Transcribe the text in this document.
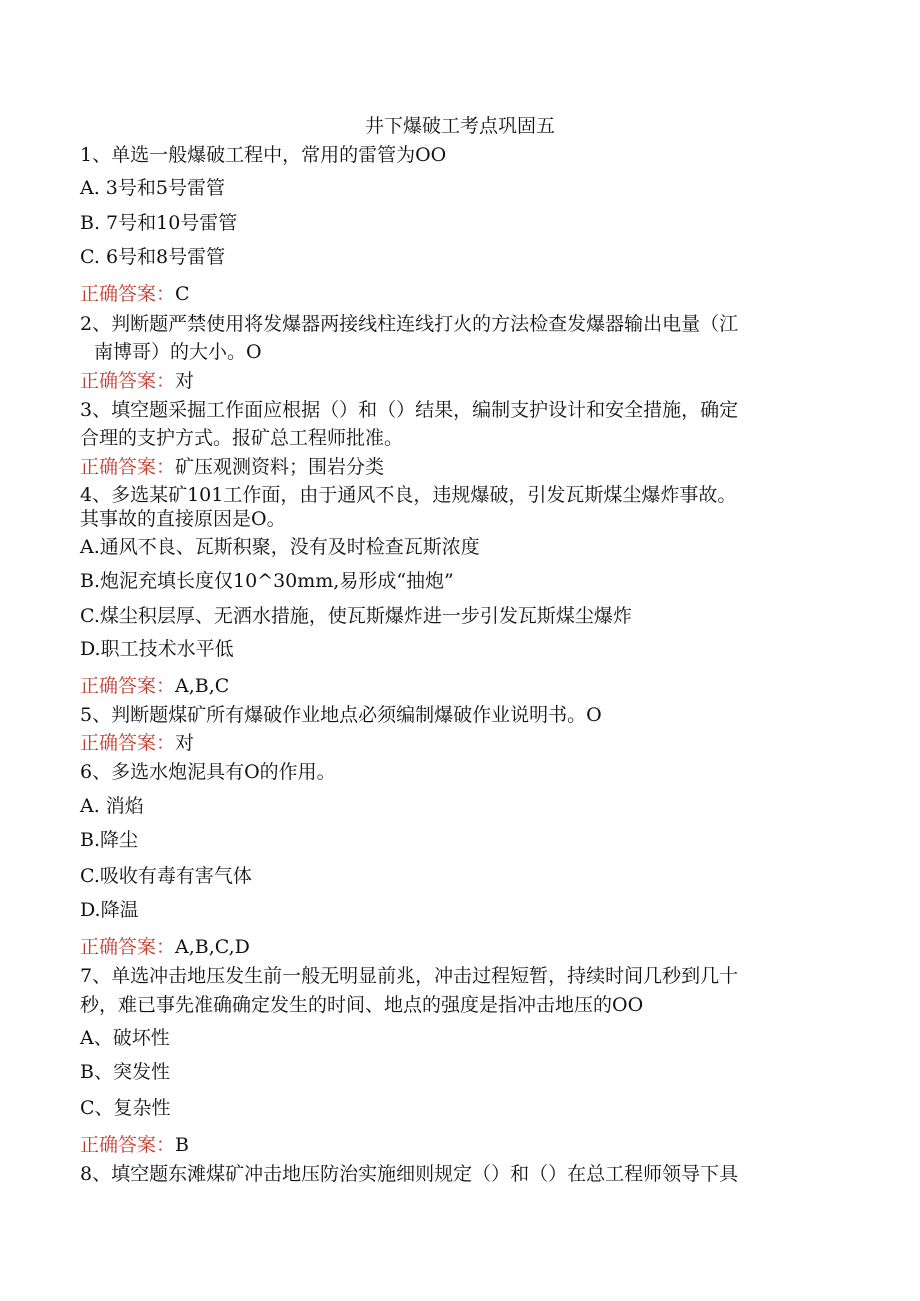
井下爆破工考点巩固五
1、单选一般爆破工程中，常用的雷管为OO
A. 3号和5号雷管
B. 7号和10号雷管
C. 6号和8号雷管
正确答案：C
2、判断题严禁使用将发爆器两接线柱连线打火的方法检查发爆器输出电量（江
南博哥）的大小。O
正确答案：对
3、填空题采掘工作面应根据（）和（）结果，编制支护设计和安全措施，确定
合理的支护方式。报矿总工程师批准。
正确答案：矿压观测资料；围岩分类
4、多选某矿101工作面，由于通风不良，违规爆破，引发瓦斯煤尘爆炸事故。
其事故的直接原因是O。
A.通风不良、瓦斯积聚，没有及时检查瓦斯浓度
B.炮泥充填长度仅10^30mm,易形成“抽炮”
C.煤尘积层厚、无洒水措施，使瓦斯爆炸进一步引发瓦斯煤尘爆炸
D.职工技术水平低
正确答案：A,B,C
5、判断题煤矿所有爆破作业地点必须编制爆破作业说明书。O
正确答案：对
6、多选水炮泥具有O的作用。
A. 消焰
B.降尘
C.吸收有毒有害气体
D.降温
正确答案：A,B,C,D
7、单选冲击地压发生前一般无明显前兆，冲击过程短暂，持续时间几秒到几十
秒，难已事先准确确定发生的时间、地点的强度是指冲击地压的OO
A、破坏性
B、突发性
C、复杂性
正确答案：B
8、填空题东滩煤矿冲击地压防治实施细则规定（）和（）在总工程师领导下具
